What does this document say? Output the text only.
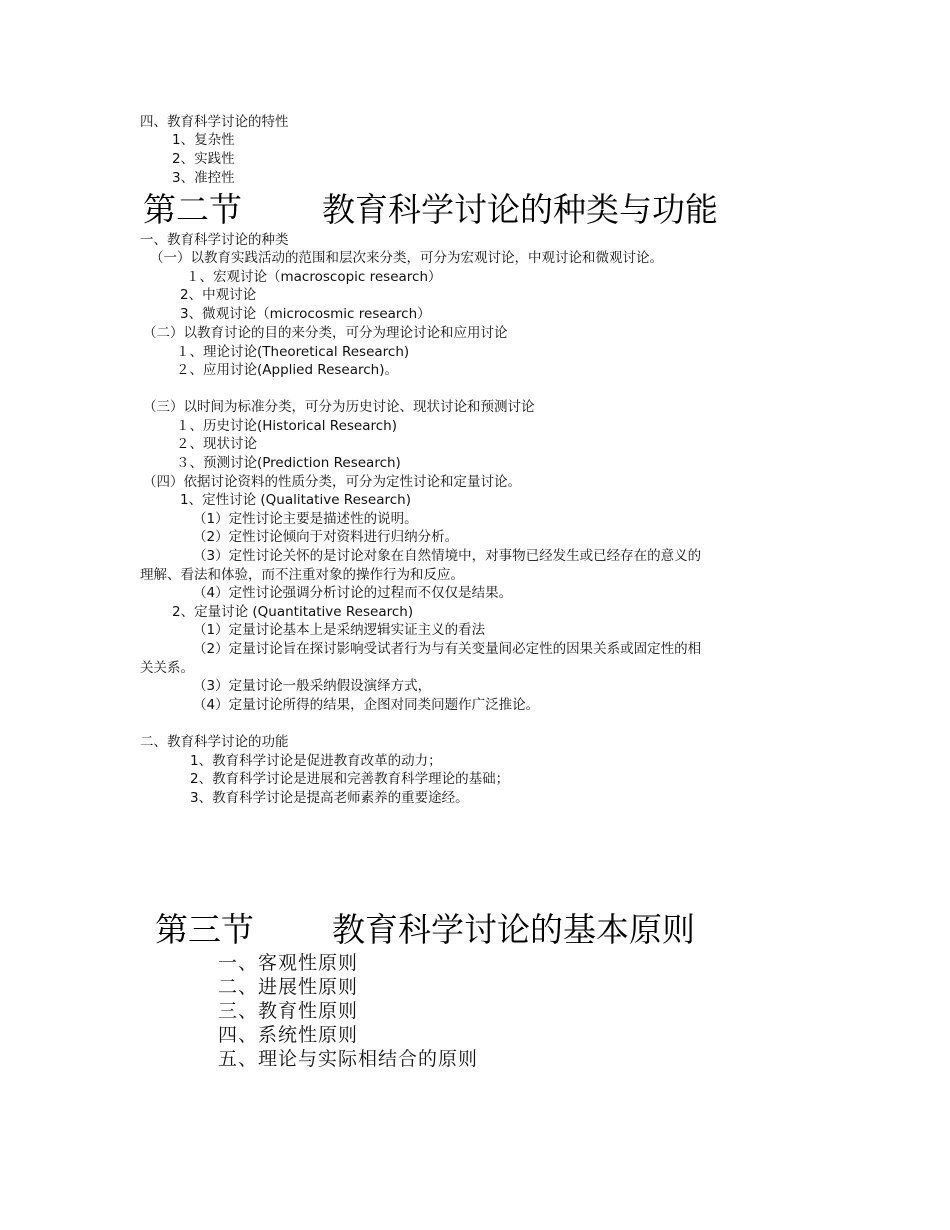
四、教育科学讨论的特性
1、复杂性
2、实践性
3、准控性
第二节 教育科学讨论的种类与功能
一、教育科学讨论的种类
（一）以教育实践活动的范围和层次来分类，可分为宏观讨论，中观讨论和微观讨论。
１、宏观讨论（macroscopic research）
2、中观讨论
3、微观讨论（microcosmic research）
（二）以教育讨论的目的来分类，可分为理论讨论和应用讨论
１、理论讨论(Theoretical Research)
２、应用讨论(Applied Research)。
（三）以时间为标准分类，可分为历史讨论、现状讨论和预测讨论
１、历史讨论(Historical Research)
２、现状讨论
３、预测讨论(Prediction Research)
（四）依据讨论资料的性质分类，可分为定性讨论和定量讨论。
1、定性讨论 (Qualitative Research)
（1）定性讨论主要是描述性的说明。
（2）定性讨论倾向于对资料进行归纳分析。
（3）定性讨论关怀的是讨论对象在自然情境中，对事物已经发生或已经存在的意义的
理解、看法和体验，而不注重对象的操作行为和反应。
（4）定性讨论强调分析讨论的过程而不仅仅是结果。
2、定量讨论 (Quantitative Research)
（1）定量讨论基本上是采纳逻辑实证主义的看法
（2）定量讨论旨在探讨影响受试者行为与有关变量间必定性的因果关系或固定性的相
关关系。
（3）定量讨论一般采纳假设演绎方式，
（4）定量讨论所得的结果，企图对同类问题作广泛推论。
二、教育科学讨论的功能
1、教育科学讨论是促进教育改革的动力；
2、教育科学讨论是进展和完善教育科学理论的基础；
3、教育科学讨论是提高老师素养的重要途经。
第三节 教育科学讨论的基本原则
一、客观性原则
二、进展性原则
三、教育性原则
四、系统性原则
五、理论与实际相结合的原则
